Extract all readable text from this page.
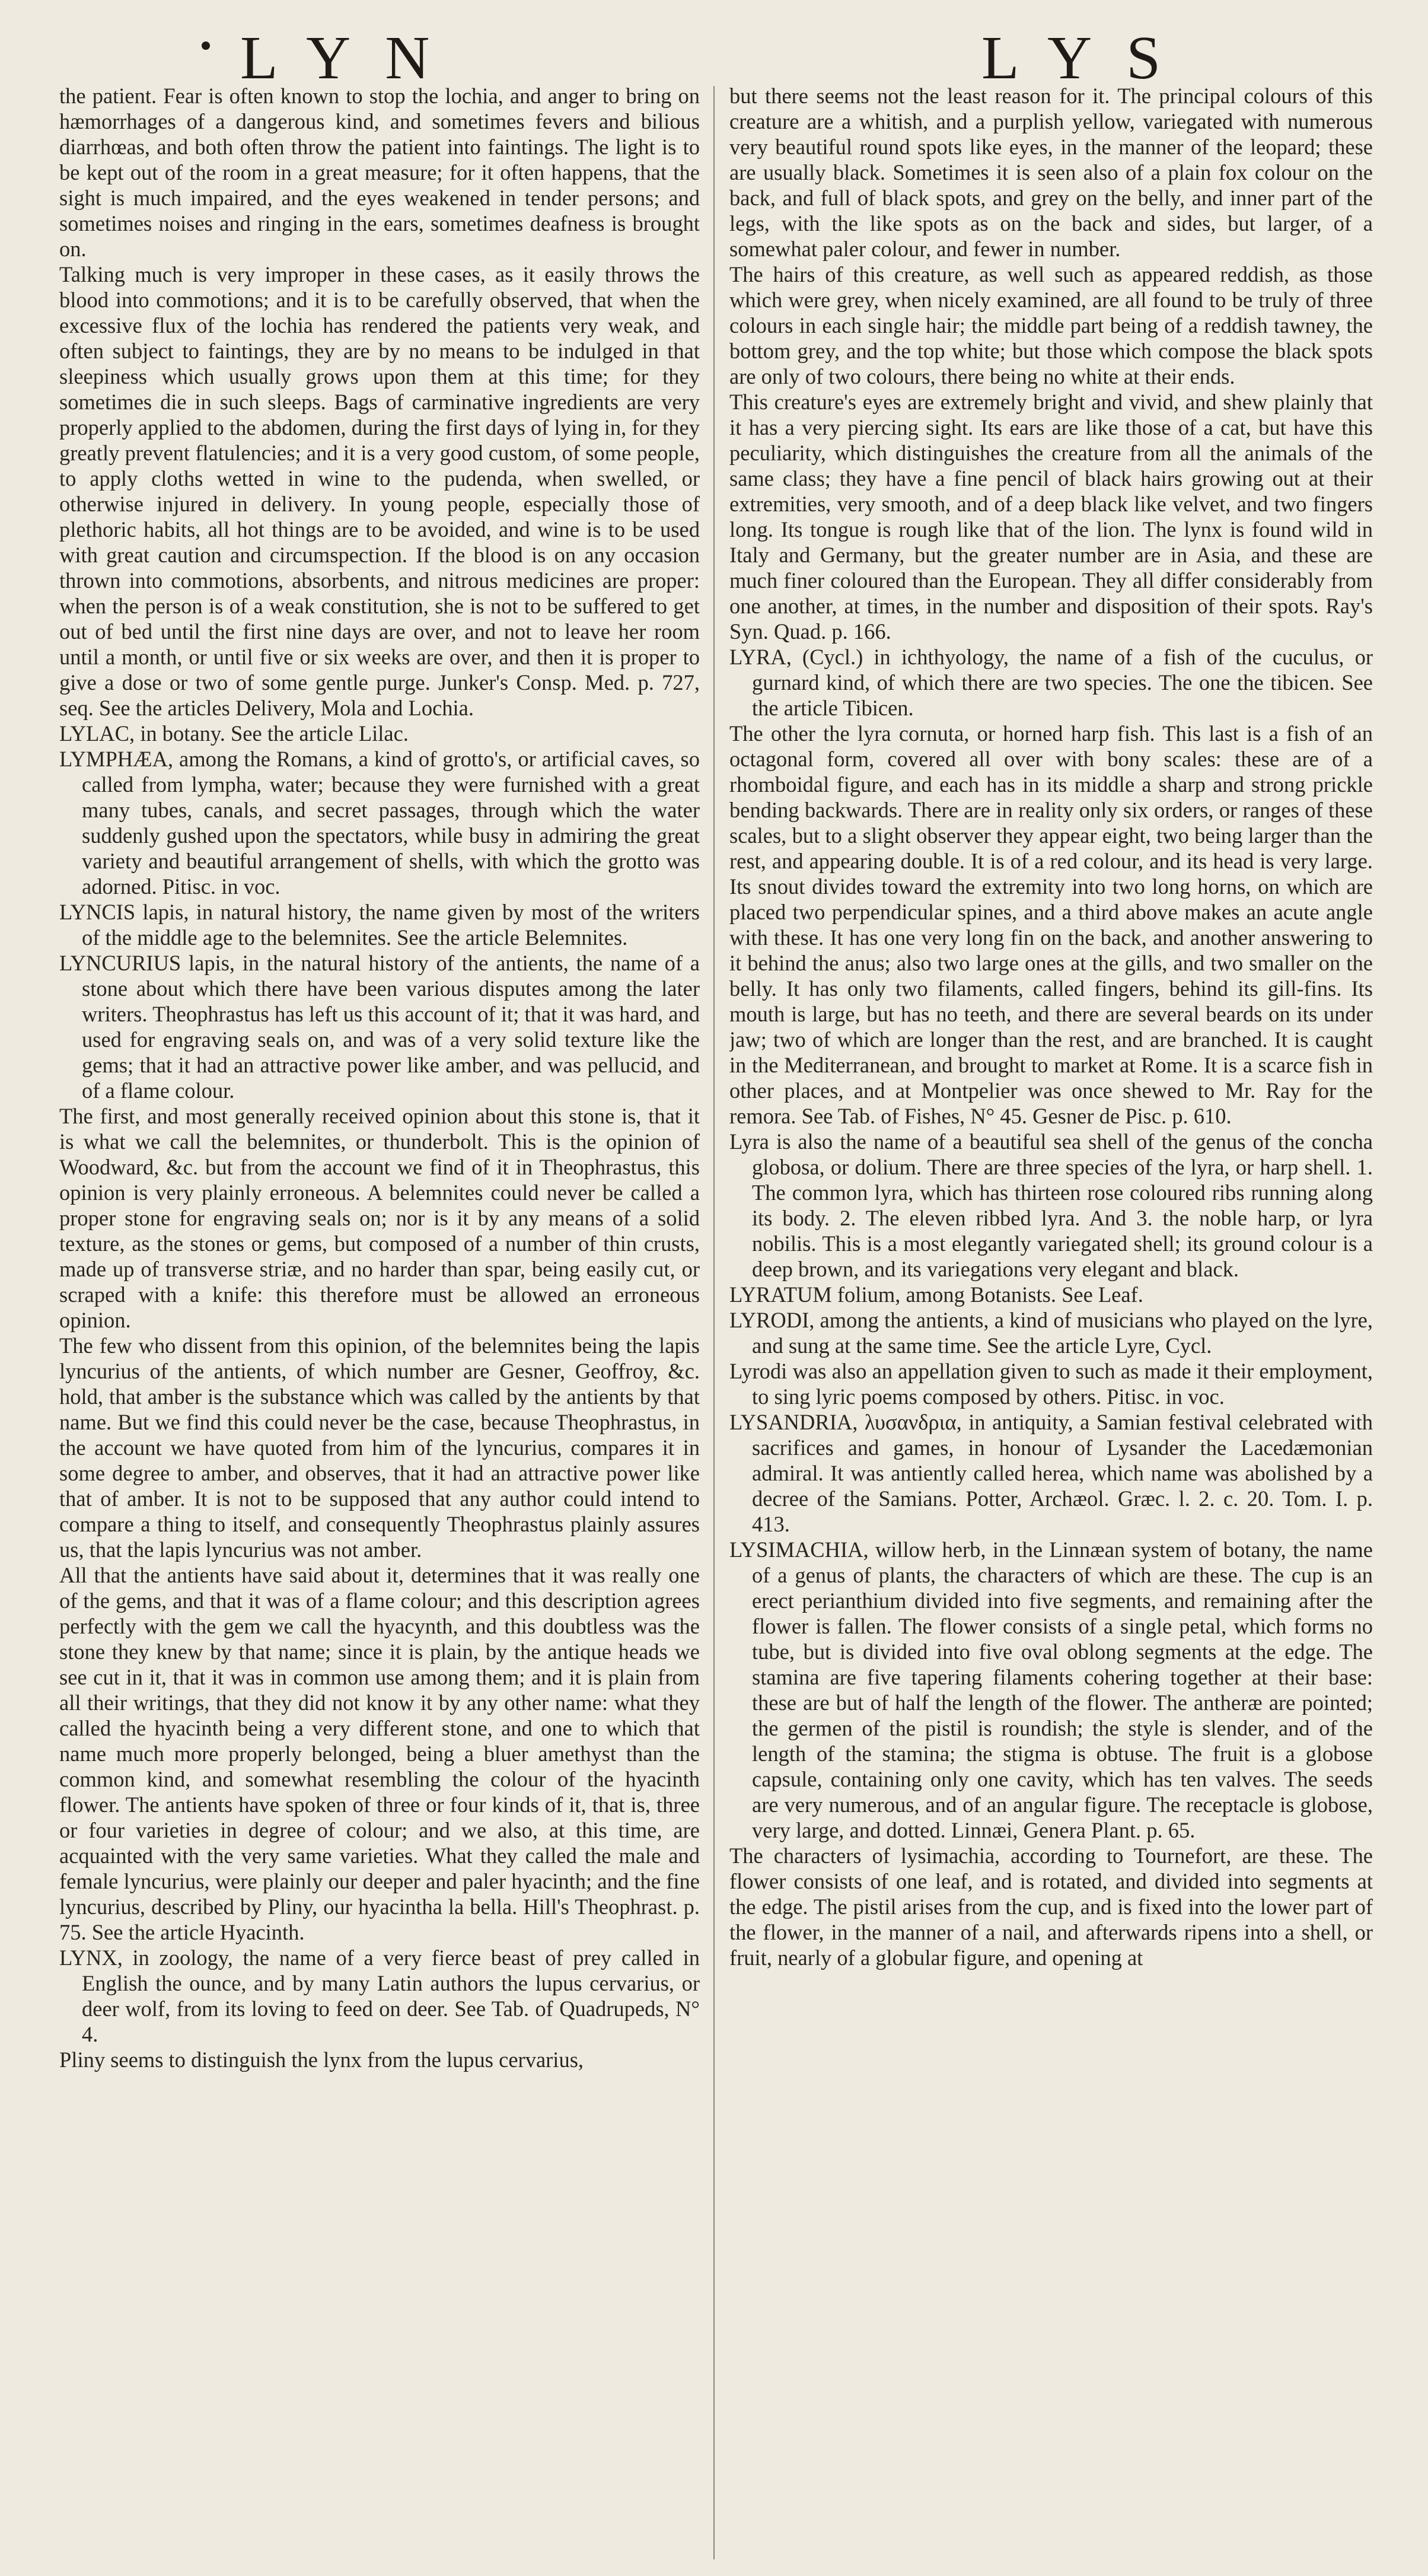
LYN	LYS

the patient. Fear is often known to stop the lochia, and anger to bring on hæmorrhages of a dangerous kind, and sometimes fevers and bilious diarrhœas, and both often throw the patient into faintings. The light is to be kept out of the room in a great measure; for it often happens, that the sight is much impaired, and the eyes weakened in tender persons; and sometimes noises and ringing in the ears, sometimes deafness is brought on.

Talking much is very improper in these cases, as it easily throws the blood into commotions; and it is to be carefully observed, that when the excessive flux of the lochia has rendered the patients very weak, and often subject to faintings, they are by no means to be indulged in that sleepiness which usually grows upon them at this time; for they sometimes die in such sleeps. Bags of carminative ingredients are very properly applied to the abdomen, during the first days of lying in, for they greatly prevent flatulencies; and it is a very good custom, of some people, to apply cloths wetted in wine to the pudenda, when swelled, or otherwise injured in delivery. In young people, especially those of plethoric habits, all hot things are to be avoided, and wine is to be used with great caution and circumspection. If the blood is on any occasion thrown into commotions, absorbents, and nitrous medicines are proper: when the person is of a weak constitution, she is not to be suffered to get out of bed until the first nine days are over, and not to leave her room until a month, or until five or six weeks are over, and then it is proper to give a dose or two of some gentle purge. Junker's Consp. Med. p. 727, seq. See the articles Delivery, Mola and Lochia.

LYLAC, in botany. See the article Lilac.

LYMPHÆA, among the Romans, a kind of grotto's, or artificial caves, so called from lympha, water; because they were furnished with a great many tubes, canals, and secret passages, through which the water suddenly gushed upon the spectators, while busy in admiring the great variety and beautiful arrangement of shells, with which the grotto was adorned. Pitisc. in voc.

LYNCIS lapis, in natural history, the name given by most of the writers of the middle age to the belemnites. See the article Belemnites.

LYNCURIUS lapis, in the natural history of the antients, the name of a stone about which there have been various disputes among the later writers. Theophrastus has left us this account of it; that it was hard, and used for engraving seals on, and was of a very solid texture like the gems; that it had an attractive power like amber, and was pellucid, and of a flame colour.

The first, and most generally received opinion about this stone is, that it is what we call the belemnites, or thunderbolt. This is the opinion of Woodward, &c. but from the account we find of it in Theophrastus, this opinion is very plainly erroneous. A belemnites could never be called a proper stone for engraving seals on; nor is it by any means of a solid texture, as the stones or gems, but composed of a number of thin crusts, made up of transverse striæ, and no harder than spar, being easily cut, or scraped with a knife: this therefore must be allowed an erroneous opinion.

The few who dissent from this opinion, of the belemnites being the lapis lyncurius of the antients, of which number are Gesner, Geoffroy, &c. hold, that amber is the substance which was called by the antients by that name. But we find this could never be the case, because Theophrastus, in the account we have quoted from him of the lyncurius, compares it in some degree to amber, and observes, that it had an attractive power like that of amber. It is not to be supposed that any author could intend to compare a thing to itself, and consequently Theophrastus plainly assures us, that the lapis lyncurius was not amber.

All that the antients have said about it, determines that it was really one of the gems, and that it was of a flame colour; and this description agrees perfectly with the gem we call the hyacynth, and this doubtless was the stone they knew by that name; since it is plain, by the antique heads we see cut in it, that it was in common use among them; and it is plain from all their writings, that they did not know it by any other name: what they called the hyacinth being a very different stone, and one to which that name much more properly belonged, being a bluer amethyst than the common kind, and somewhat resembling the colour of the hyacinth flower. The antients have spoken of three or four kinds of it, that is, three or four varieties in degree of colour; and we also, at this time, are acquainted with the very same varieties. What they called the male and female lyncurius, were plainly our deeper and paler hyacinth; and the fine lyncurius, described by Pliny, our hyacintha la bella. Hill's Theophrast. p. 75. See the article Hyacinth.

LYNX, in zoology, the name of a very fierce beast of prey called in English the ounce, and by many Latin authors the lupus cervarius, or deer wolf, from its loving to feed on deer. See Tab. of Quadrupeds, N° 4.

Pliny seems to distinguish the lynx from the lupus cervarius,

but there seems not the least reason for it. The principal colours of this creature are a whitish, and a purplish yellow, variegated with numerous very beautiful round spots like eyes, in the manner of the leopard; these are usually black. Sometimes it is seen also of a plain fox colour on the back, and full of black spots, and grey on the belly, and inner part of the legs, with the like spots as on the back and sides, but larger, of a somewhat paler colour, and fewer in number.

The hairs of this creature, as well such as appeared reddish, as those which were grey, when nicely examined, are all found to be truly of three colours in each single hair; the middle part being of a reddish tawney, the bottom grey, and the top white; but those which compose the black spots are only of two colours, there being no white at their ends.

This creature's eyes are extremely bright and vivid, and shew plainly that it has a very piercing sight. Its ears are like those of a cat, but have this peculiarity, which distinguishes the creature from all the animals of the same class; they have a fine pencil of black hairs growing out at their extremities, very smooth, and of a deep black like velvet, and two fingers long. Its tongue is rough like that of the lion. The lynx is found wild in Italy and Germany, but the greater number are in Asia, and these are much finer coloured than the European. They all differ considerably from one another, at times, in the number and disposition of their spots. Ray's Syn. Quad. p. 166.

LYRA, (Cycl.) in ichthyology, the name of a fish of the cuculus, or gurnard kind, of which there are two species. The one the tibicen. See the article Tibicen.

The other the lyra cornuta, or horned harp fish. This last is a fish of an octagonal form, covered all over with bony scales: these are of a rhomboidal figure, and each has in its middle a sharp and strong prickle bending backwards. There are in reality only six orders, or ranges of these scales, but to a slight observer they appear eight, two being larger than the rest, and appearing double. It is of a red colour, and its head is very large. Its snout divides toward the extremity into two long horns, on which are placed two perpendicular spines, and a third above makes an acute angle with these. It has one very long fin on the back, and another answering to it behind the anus; also two large ones at the gills, and two smaller on the belly. It has only two filaments, called fingers, behind its gill-fins. Its mouth is large, but has no teeth, and there are several beards on its under jaw; two of which are longer than the rest, and are branched. It is caught in the Mediterranean, and brought to market at Rome. It is a scarce fish in other places, and at Montpelier was once shewed to Mr. Ray for the remora. See Tab. of Fishes, N° 45. Gesner de Pisc. p. 610.

Lyra is also the name of a beautiful sea shell of the genus of the concha globosa, or dolium. There are three species of the lyra, or harp shell. 1. The common lyra, which has thirteen rose coloured ribs running along its body. 2. The eleven ribbed lyra. And 3. the noble harp, or lyra nobilis. This is a most elegantly variegated shell; its ground colour is a deep brown, and its variegations very elegant and black.

LYRATUM folium, among Botanists. See Leaf.

LYRODI, among the antients, a kind of musicians who played on the lyre, and sung at the same time. See the article Lyre, Cycl.

Lyrodi was also an appellation given to such as made it their employment, to sing lyric poems composed by others. Pitisc. in voc.

LYSANDRIA, λυσανδρια, in antiquity, a Samian festival celebrated with sacrifices and games, in honour of Lysander the Lacedæmonian admiral. It was antiently called herea, which name was abolished by a decree of the Samians. Potter, Archæol. Græc. l. 2. c. 20. Tom. I. p. 413.

LYSIMACHIA, willow herb, in the Linnæan system of botany, the name of a genus of plants, the characters of which are these. The cup is an erect perianthium divided into five segments, and remaining after the flower is fallen. The flower consists of a single petal, which forms no tube, but is divided into five oval oblong segments at the edge. The stamina are five tapering filaments cohering together at their base: these are but of half the length of the flower. The antheræ are pointed; the germen of the pistil is roundish; the style is slender, and of the length of the stamina; the stigma is obtuse. The fruit is a globose capsule, containing only one cavity, which has ten valves. The seeds are very numerous, and of an angular figure. The receptacle is globose, very large, and dotted. Linnæi, Genera Plant. p. 65.

The characters of lysimachia, according to Tournefort, are these. The flower consists of one leaf, and is rotated, and divided into segments at the edge. The pistil arises from the cup, and is fixed into the lower part of the flower, in the manner of a nail, and afterwards ripens into a shell, or fruit, nearly of a globular figure, and opening at
